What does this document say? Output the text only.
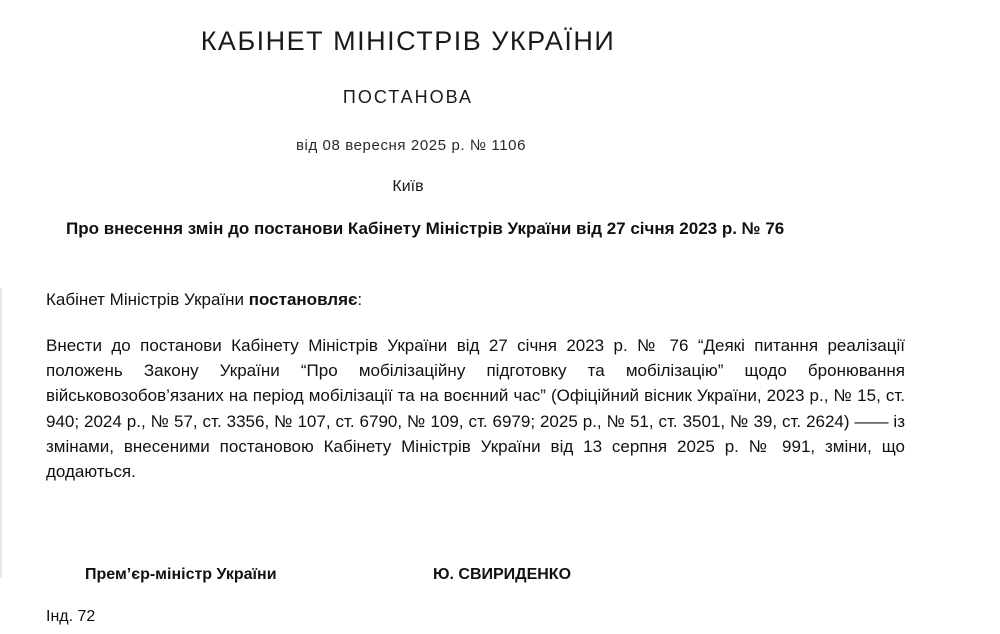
КАБІНЕТ МІНІСТРІВ УКРАЇНИ
ПОСТАНОВА
від 08 вересня 2025 р. № 1106
Київ
Про внесення змін до постанови Кабінету Міністрів України від 27 січня 2023 р. № 76
Кабінет Міністрів України постановляє:

Внести до постанови Кабінету Міністрів України від 27 січня 2023 р. № 76 “Деякі питання реалізації положень Закону України “Про мобілізаційну підготовку та мобілізацію” щодо бронювання військовозобов’язаних на період мобілізації та на воєнний час” (Офіційний вісник України, 2023 р., № 15, ст. 940; 2024 р., № 57, ст. 3356, № 107, ст. 6790, № 109, ст. 6979; 2025 р., № 51, ст. 3501, № 39, ст. 2624) —— із змінами, внесеними постановою Кабінету Міністрів України від 13 серпня 2025 р. № 991, зміни, що додаються.

Прем’єр-міністр України	Ю. СВИРИДЕНКО
Інд. 72
